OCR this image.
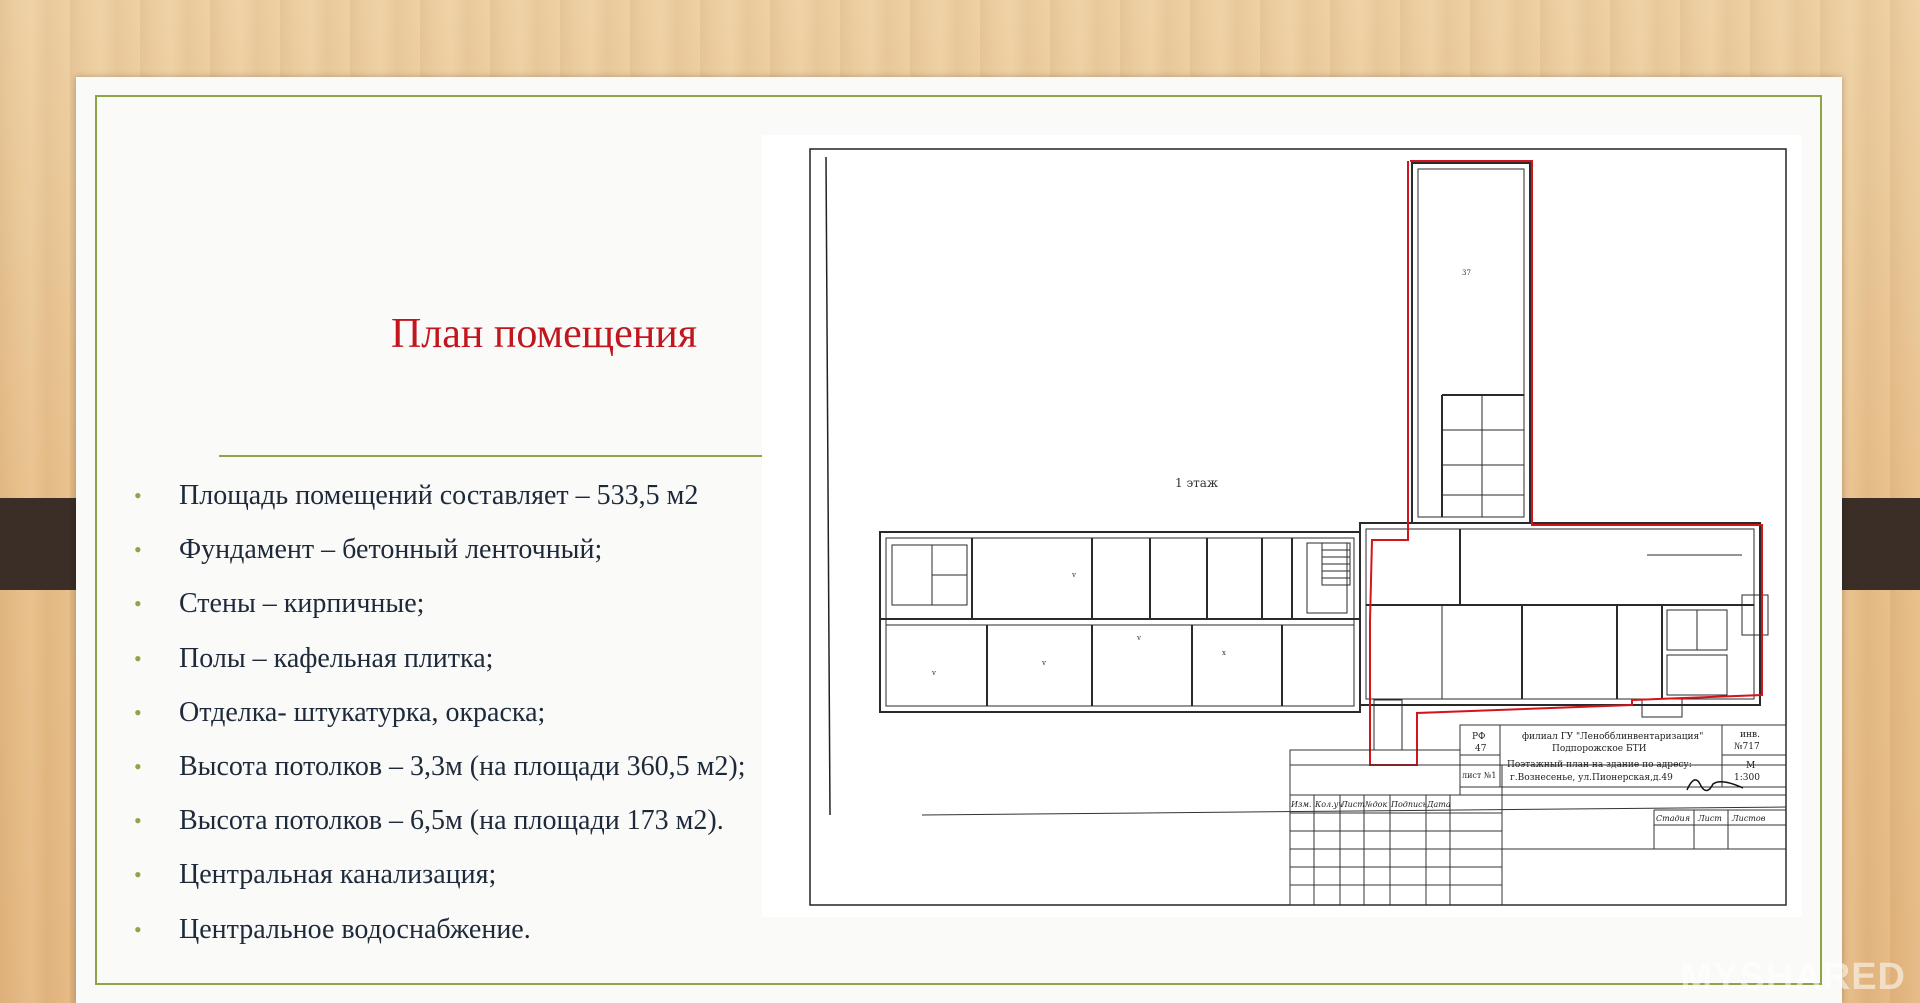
План помещения
• Площадь помещений составляет – 533,5 м2
• Фундамент – бетонный ленточный;
• Стены – кирпичные;
• Полы – кафельная плитка;
• Отделка- штукатурка, окраска;
• Высота потолков – 3,3м (на площади 360,5 м2);
• Высота потолков – 6,5м (на площади 173 м2).
• Центральная канализация;
• Центральное водоснабжение.
v
v
v
v
x
37
1 этаж
филиал ГУ "Ленобблинвентаризация"
Подпорожское БТИ
Поэтажный план на здание по адресу:
г.Вознесенье, ул.Пионерская,д.49
РФ
47
лист №1
инв.
№717
М
1:300
Изм. Кол.уч
Лист №док Подпись Дата
Стадия Лист Листов
MYSHARED
